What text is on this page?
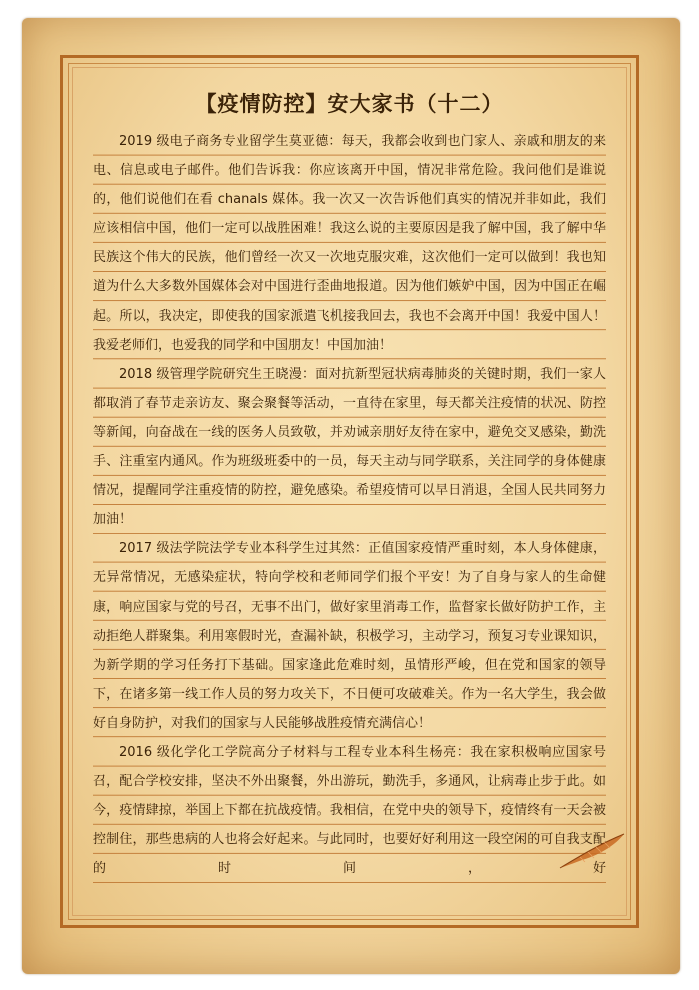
【疫情防控】安大家书（十二）

2019 级电子商务专业留学生莫亚德：每天，我都会收到也门家人、亲戚和朋友的来电、信息或电子邮件。他们告诉我：你应该离开中国，情况非常危险。我问他们是谁说的，他们说他们在看 chanals 媒体。我一次又一次告诉他们真实的情况并非如此，我们应该相信中国，他们一定可以战胜困难！我这么说的主要原因是我了解中国，我了解中华民族这个伟大的民族，他们曾经一次又一次地克服灾难，这次他们一定可以做到！我也知道为什么大多数外国媒体会对中国进行歪曲地报道。因为他们嫉妒中国，因为中国正在崛起。所以，我决定，即使我的国家派遣飞机接我回去，我也不会离开中国！我爱中国人！我爱老师们，也爱我的同学和中国朋友！中国加油！

2018 级管理学院研究生王晓漫：面对抗新型冠状病毒肺炎的关键时期，我们一家人都取消了春节走亲访友、聚会聚餐等活动，一直待在家里，每天都关注疫情的状况、防控等新闻，向奋战在一线的医务人员致敬，并劝诫亲朋好友待在家中，避免交叉感染，勤洗手、注重室内通风。作为班级班委中的一员，每天主动与同学联系，关注同学的身体健康情况，提醒同学注重疫情的防控，避免感染。希望疫情可以早日消退，全国人民共同努力加油！

2017 级法学院法学专业本科学生过其然：正值国家疫情严重时刻，本人身体健康，无异常情况，无感染症状，特向学校和老师同学们报个平安！为了自身与家人的生命健康，响应国家与党的号召，无事不出门，做好家里消毒工作，监督家长做好防护工作，主动拒绝人群聚集。利用寒假时光，查漏补缺，积极学习，主动学习，预复习专业课知识，为新学期的学习任务打下基础。国家逢此危难时刻，虽情形严峻，但在党和国家的领导下，在诸多第一线工作人员的努力攻关下，不日便可攻破难关。作为一名大学生，我会做好自身防护，对我们的国家与人民能够战胜疫情充满信心！

2016 级化学化工学院高分子材料与工程专业本科生杨亮：我在家积极响应国家号召，配合学校安排，坚决不外出聚餐，外出游玩，勤洗手，多通风，让病毒止步于此。如今，疫情肆掠，举国上下都在抗战疫情。我相信，在党中央的领导下，疫情终有一天会被控制住，那些患病的人也将会好起来。与此同时，也要好好利用这一段空闲的可自我支配的时间，好
